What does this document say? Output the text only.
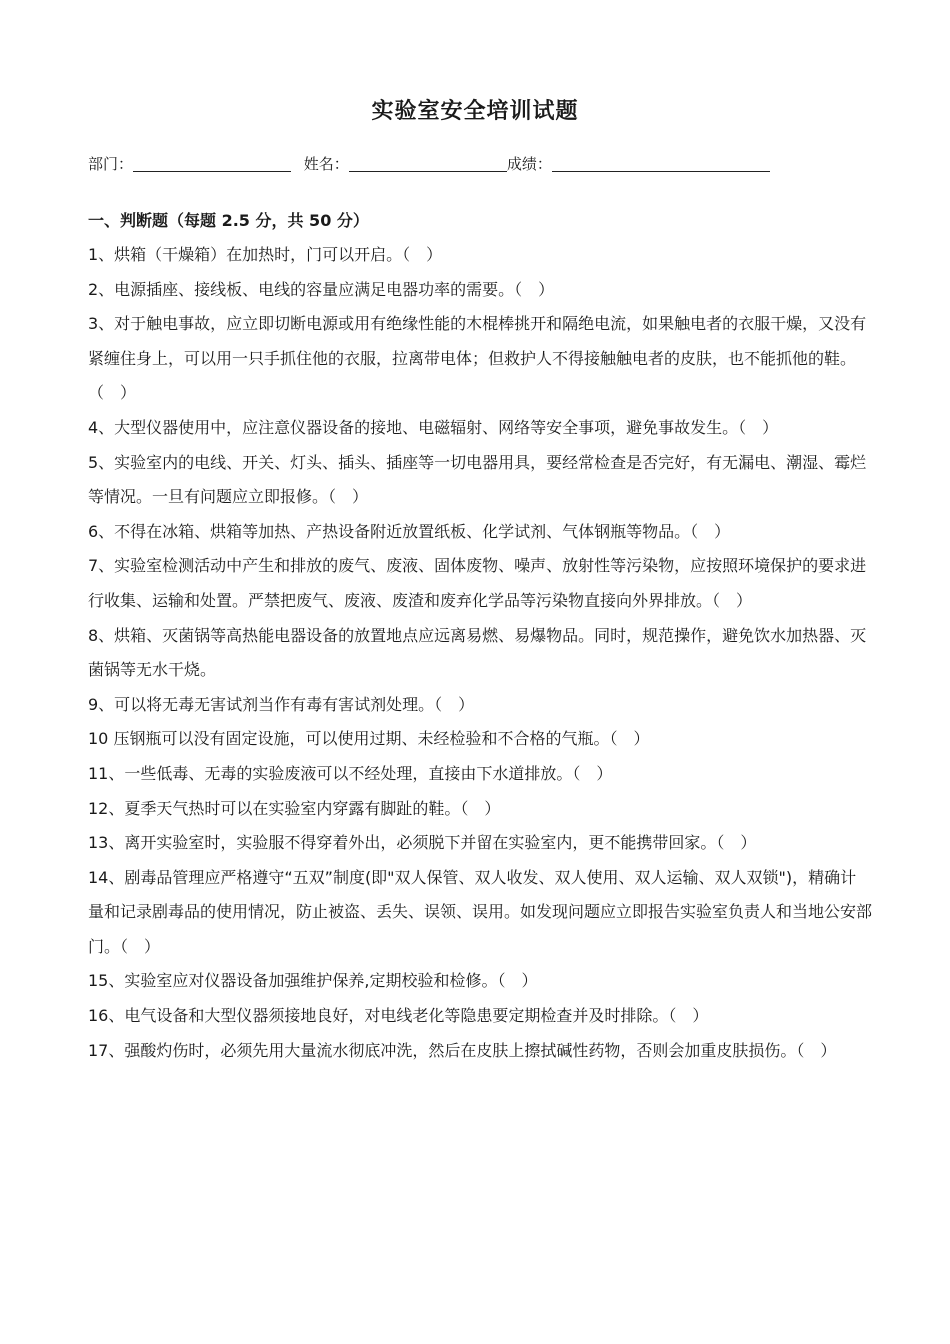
实验室安全培训试题
部门：	姓名：	成绩：
一、判断题（每题 2.5 分，共 50 分）

1、烘箱（干燥箱）在加热时，门可以开启。（　）

2、电源插座、接线板、电线的容量应满足电器功率的需要。（　）

3、对于触电事故，应立即切断电源或用有绝缘性能的木棍棒挑开和隔绝电流，如果触电者的衣服干燥，又没有紧缠住身上，可以用一只手抓住他的衣服，拉离带电体；但救护人不得接触触电者的皮肤，也不能抓他的鞋。（　）

4、大型仪器使用中，应注意仪器设备的接地、电磁辐射、网络等安全事项，避免事故发生。（　）

5、实验室内的电线、开关、灯头、插头、插座等一切电器用具，要经常检查是否完好，有无漏电、潮湿、霉烂等情况。一旦有问题应立即报修。（　）

6、不得在冰箱、烘箱等加热、产热设备附近放置纸板、化学试剂、气体钢瓶等物品。（　）

7、实验室检测活动中产生和排放的废气、废液、固体废物、噪声、放射性等污染物，应按照环境保护的要求进行收集、运输和处置。严禁把废气、废液、废渣和废弃化学品等污染物直接向外界排放。（　）

8、烘箱、灭菌锅等高热能电器设备的放置地点应远离易燃、易爆物品。同时，规范操作，避免饮水加热器、灭菌锅等无水干烧。

9、可以将无毒无害试剂当作有毒有害试剂处理。（　）

10 压钢瓶可以没有固定设施，可以使用过期、未经检验和不合格的气瓶。（　）

11、一些低毒、无毒的实验废液可以不经处理，直接由下水道排放。（　）

12、夏季天气热时可以在实验室内穿露有脚趾的鞋。（　）

13、离开实验室时，实验服不得穿着外出，必须脱下并留在实验室内，更不能携带回家。（　）

14、剧毒品管理应严格遵守“五双”制度(即"双人保管、双人收发、双人使用、双人运输、双人双锁")，精确计量和记录剧毒品的使用情况，防止被盗、丢失、误领、误用。如发现问题应立即报告实验室负责人和当地公安部门。（　）

15、实验室应对仪器设备加强维护保养,定期校验和检修。（　）

16、电气设备和大型仪器须接地良好，对电线老化等隐患要定期检查并及时排除。（　）

17、强酸灼伤时，必须先用大量流水彻底冲洗，然后在皮肤上擦拭碱性药物，否则会加重皮肤损伤。（　）
